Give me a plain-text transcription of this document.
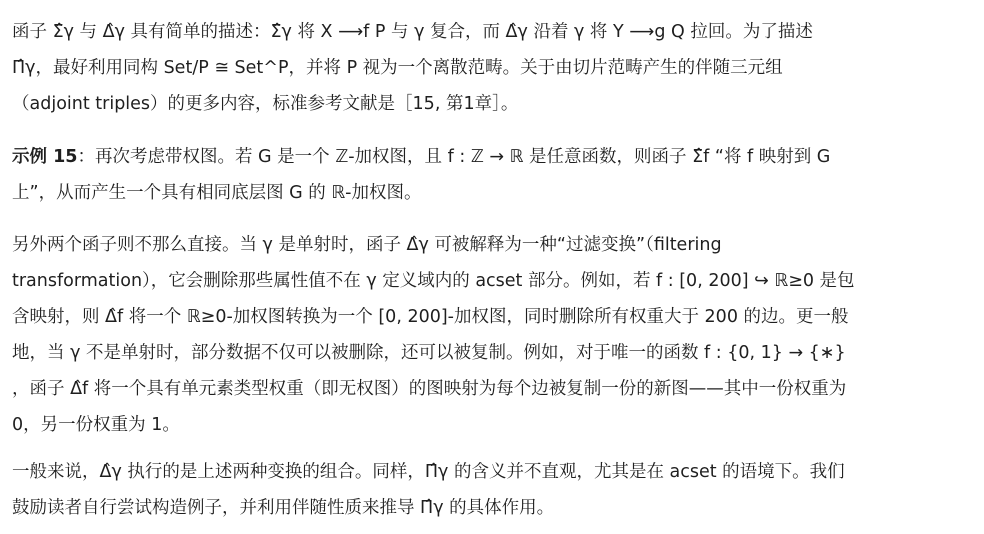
函子 Σ̂γ 与 Δ̂γ 具有简单的描述：Σ̂γ 将 X ⟶f P 与 γ 复合，而 Δ̂γ 沿着 γ 将 Y ⟶g Q 拉回。为了描述
Π̂γ，最好利用同构 Set/P ≅ Set^P，并将 P 视为一个离散范畴。关于由切片范畴产生的伴随三元组
（adjoint triples）的更多内容，标准参考文献是［15, 第1章］。
示例 15：再次考虑带权图。若 G 是一个 ℤ-加权图，且 f : ℤ → ℝ 是任意函数，则函子 Σ̂f “将 f 映射到 G
上”，从而产生一个具有相同底层图 G 的 ℝ-加权图。
另外两个函子则不那么直接。当 γ 是单射时，函子 Δ̂γ 可被解释为一种“过滤变换”（filtering
transformation），它会删除那些属性值不在 γ 定义域内的 acset 部分。例如，若 f : [0, 200] ↪ ℝ≥0 是包
含映射，则 Δ̂f 将一个 ℝ≥0-加权图转换为一个 [0, 200]-加权图，同时删除所有权重大于 200 的边。更一般
地，当 γ 不是单射时，部分数据不仅可以被删除，还可以被复制。例如，对于唯一的函数 f : {0, 1} → {∗}
，函子 Δ̂f 将一个具有单元素类型权重（即无权图）的图映射为每个边被复制一份的新图——其中一份权重为
0，另一份权重为 1。
一般来说，Δ̂γ 执行的是上述两种变换的组合。同样，Π̂γ 的含义并不直观，尤其是在 acset 的语境下。我们
鼓励读者自行尝试构造例子，并利用伴随性质来推导 Π̂γ 的具体作用。
